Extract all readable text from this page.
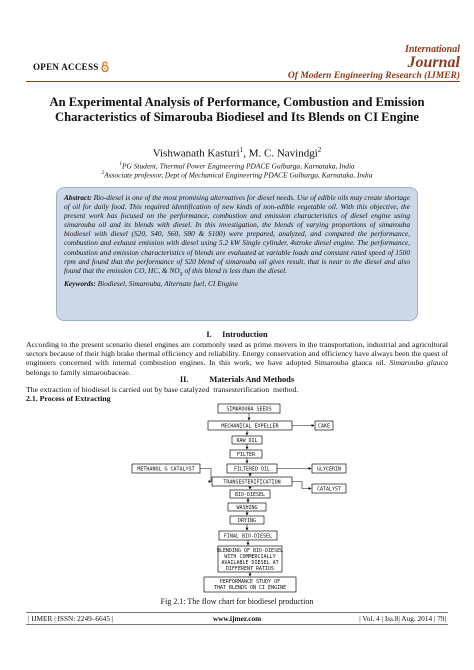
International
Journal
Of Modern Engineering Research (IJMER)
OPEN ACCESS
An Experimental Analysis of Performance, Combustion and Emission Characteristics of Simarouba Biodiesel and Its Blends on CI Engine
Vishwanath Kasturi$^1$, M. C. Navindgi$^2$
$^1$PG Student, Thermal Power Engineering PDACE Gulbarga, Karnataka, India
$^2$Associate professor, Dept of Mechanical Engineering PDACE Gulbarga, Karnataka, India
Abstract: Bio-diesel is one of the most promising alternatives for diesel needs. Use of edible oils may create shortage of oil for daily food. This required identification of new kinds of non-edible vegetable oil. With this objective, the present work has focused on the performance, combustion and emission characteristics of diesel engine using simarouba oil and its blends with diesel. In this investigation, the blends of varying proportions of simarouba biodiesel with diesel (S20, S40, S60, S80 & S100) were prepared, analyzed, and compared the performance, combustion and exhaust emission with diesel using 5.2 kW Single cylinder, 4stroke diesel engine. The performance, combustion and emission characteristics of blends are evaluated at variable loads and constant rated speed of 1500 rpm and found that the performance of S20 blend of simarouba oil gives result, that is near to the diesel and also found that the emission CO, HC, & $NO_X$ of this blend is less than the diesel.
Keywords: Biodiesel, Simarouba, Alternate fuel, CI Engine
I.     Introduction
According to the present scenario diesel engines are commonly used as prime movers in the transportation, industrial and agricultural sectors because of their high brake thermal efficiency and reliability. Energy conservation and efficiency have always been the quest of engineers concerned with internal combustion engines. In this work, we have adopted Simarouba glauca oil. Simarouba glauca belongs to family simaroubaceae.
II.          Materials And Methods
The extraction of biodiesel is carried out by base catalyzed  transesterification  method.
2.1. Process of Extracting
SIMAROUBA SEEDS
MECHANICAL EXPELLER	CAKE
RAW OIL
FILTER
METHANOL & CATALYST	FILTERED OIL	GLYCERIN
TRANSESTERIFICATION
CATALYST
BIO-DIESEL
WASHING
DRYING
FINAL BIO-DIESEL
BLENDING OF BIO-DIESEL
WITH COMMERCIALLY
AVAILABLE DIESEL AT
DIFFERENT RATIOS
PERFORMANCE STUDY OF
THAT BLENDS ON CI ENGINE
Fig 2.1: The flow chart for biodiesel production
| IJMER | ISSN: 2249–6645 |	www.ijmer.com	| Vol. 4 | Iss.8| Aug. 2014 | 79|
